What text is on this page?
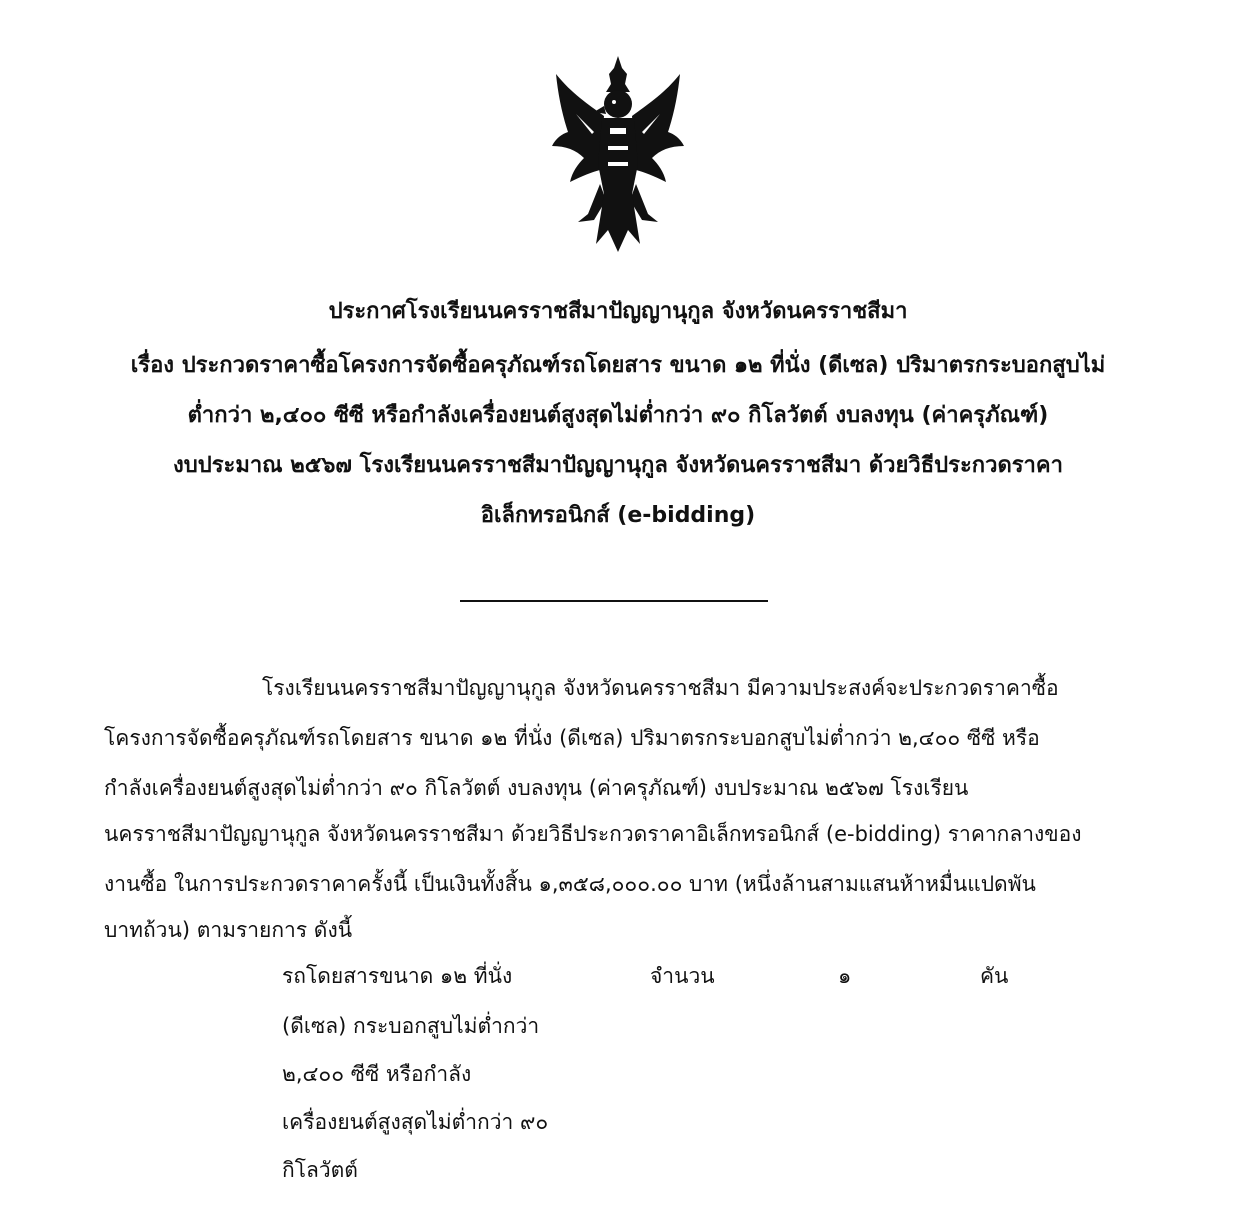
ประกาศโรงเรียนนครราชสีมาปัญญานุกูล จังหวัดนครราชสีมา
เรื่อง ประกวดราคาซื้อโครงการจัดซื้อครุภัณฑ์รถโดยสาร ขนาด ๑๒ ที่นั่ง (ดีเซล) ปริมาตรกระบอกสูบไม่
ต่ำกว่า ๒,๔๐๐ ซีซี หรือกำลังเครื่องยนต์สูงสุดไม่ต่ำกว่า ๙๐ กิโลวัตต์ งบลงทุน (ค่าครุภัณฑ์)
งบประมาณ ๒๕๖๗ โรงเรียนนครราชสีมาปัญญานุกูล จังหวัดนครราชสีมา ด้วยวิธีประกวดราคา
อิเล็กทรอนิกส์ (e-bidding)
โรงเรียนนครราชสีมาปัญญานุกูล จังหวัดนครราชสีมา มีความประสงค์จะประกวดราคาซื้อ
โครงการจัดซื้อครุภัณฑ์รถโดยสาร ขนาด ๑๒ ที่นั่ง (ดีเซล) ปริมาตรกระบอกสูบไม่ต่ำกว่า ๒,๔๐๐ ซีซี หรือ
กำลังเครื่องยนต์สูงสุดไม่ต่ำกว่า ๙๐ กิโลวัตต์ งบลงทุน (ค่าครุภัณฑ์) งบประมาณ ๒๕๖๗ โรงเรียน
นครราชสีมาปัญญานุกูล จังหวัดนครราชสีมา ด้วยวิธีประกวดราคาอิเล็กทรอนิกส์ (e-bidding) ราคากลางของ
งานซื้อ ในการประกวดราคาครั้งนี้ เป็นเงินทั้งสิ้น ๑,๓๕๘,๐๐๐.๐๐ บาท (หนึ่งล้านสามแสนห้าหมื่นแปดพัน
บาทถ้วน) ตามรายการ ดังนี้
รถโดยสารขนาด ๑๒ ที่นั่ง
(ดีเซล) กระบอกสูบไม่ต่ำกว่า
๒,๔๐๐ ซีซี หรือกำลัง
เครื่องยนต์สูงสุดไม่ต่ำกว่า ๙๐
กิโลวัตต์
จำนวน	๑	คัน
